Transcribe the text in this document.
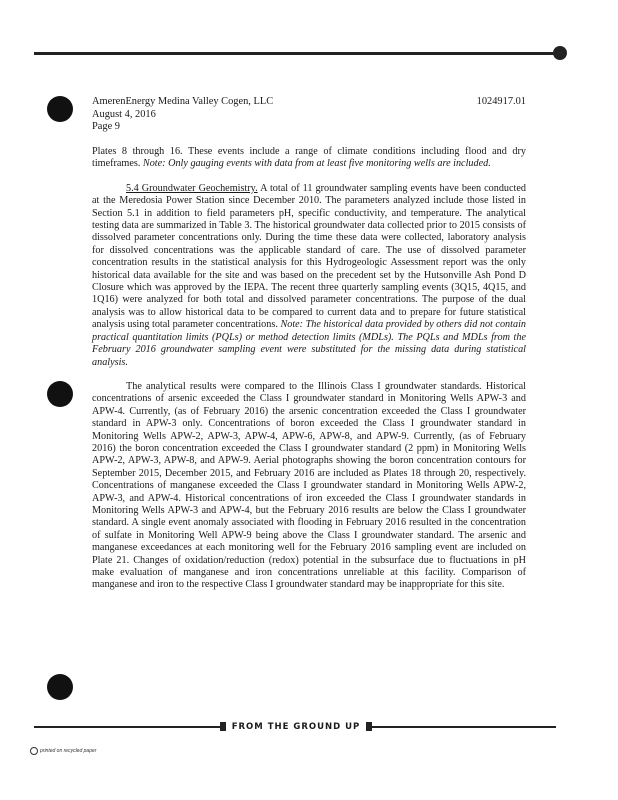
AmerenEnergy Medina Valley Cogen, LLC	1024917.01
August 4, 2016
Page 9

Plates 8 through 16. These events include a range of climate conditions including flood and dry timeframes. Note: Only gauging events with data from at least five monitoring wells are included.

5.4 Groundwater Geochemistry. A total of 11 groundwater sampling events have been conducted at the Meredosia Power Station since December 2010. The parameters analyzed include those listed in Section 5.1 in addition to field parameters pH, specific conductivity, and temperature. The analytical testing data are summarized in Table 3. The historical groundwater data collected prior to 2015 consists of dissolved parameter concentrations only. During the time these data were collected, laboratory analysis for dissolved concentrations was the applicable standard of care. The use of dissolved parameter concentration results in the statistical analysis for this Hydrogeologic Assessment report was the only historical data available for the site and was based on the precedent set by the Hutsonville Ash Pond D Closure which was approved by the IEPA. The recent three quarterly sampling events (3Q15, 4Q15, and 1Q16) were analyzed for both total and dissolved parameter concentrations. The purpose of the dual analysis was to allow historical data to be compared to current data and to prepare for future statistical analysis using total parameter concentrations. Note: The historical data provided by others did not contain practical quantitation limits (PQLs) or method detection limits (MDLs). The PQLs and MDLs from the February 2016 groundwater sampling event were substituted for the missing data during statistical analysis.

The analytical results were compared to the Illinois Class I groundwater standards. Historical concentrations of arsenic exceeded the Class I groundwater standard in Monitoring Wells APW-3 and APW-4. Currently, (as of February 2016) the arsenic concentration exceeded the Class I groundwater standard in APW-3 only. Concentrations of boron exceeded the Class I groundwater standard in Monitoring Wells APW-2, APW-3, APW-4, APW-6, APW-8, and APW-9. Currently, (as of February 2016) the boron concentration exceeded the Class I groundwater standard (2 ppm) in Monitoring Wells APW-2, APW-3, APW-8, and APW-9. Aerial photographs showing the boron concentration contours for September 2015, December 2015, and February 2016 are included as Plates 18 through 20, respectively. Concentrations of manganese exceeded the Class I groundwater standard in Monitoring Wells APW-2, APW-3, and APW-4. Historical concentrations of iron exceeded the Class I groundwater standards in Monitoring Wells APW-3 and APW-4, but the February 2016 results are below the Class I groundwater standard. A single event anomaly associated with flooding in February 2016 resulted in the concentration of sulfate in Monitoring Well APW-9 being above the Class I groundwater standard. The arsenic and manganese exceedances at each monitoring well for the February 2016 sampling event are included on Plate 21. Changes of oxidation/reduction (redox) potential in the subsurface due to fluctuations in pH make evaluation of manganese and iron concentrations unreliable at this facility. Comparison of manganese and iron to the respective Class I groundwater standard may be inappropriate for this site.

FROM THE GROUND UP
printed on recycled paper
